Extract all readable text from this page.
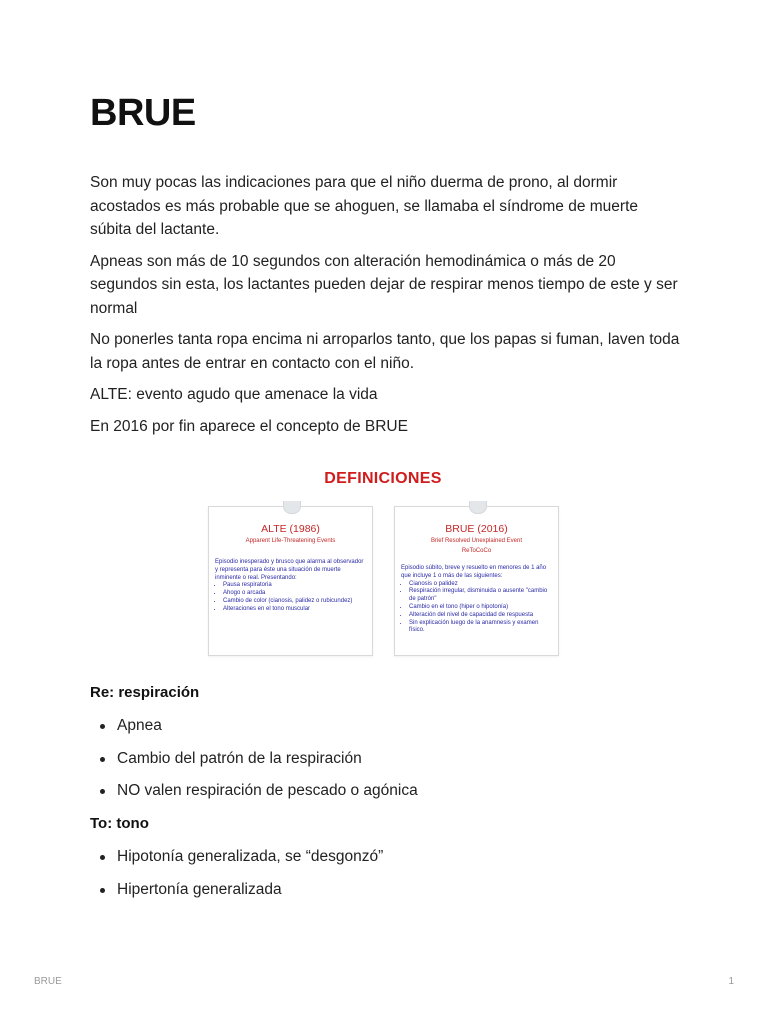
BRUE

Son muy pocas las indicaciones para que el niño duerma de prono, al dormir acostados es más probable que se ahoguen, se llamaba el síndrome de muerte súbita del lactante.

Apneas son más de 10 segundos con alteración hemodinámica o más de 20 segundos sin esta, los lactantes pueden dejar de respirar menos tiempo de este y ser normal

No ponerles tanta ropa encima ni arroparlos tanto, que los papas si fuman, laven toda la ropa antes de entrar en contacto con el niño.

ALTE: evento agudo que amenace la vida

En 2016 por fin aparece el concepto de BRUE

DEFINICIONES
ALTE (1986)
Apparent Life-Threatening Events
Episodio inesperado y brusco que alarma al observador y representa para éste una situación de muerte inminente o real. Presentando:
• Pausa respiratoria
• Ahogo o arcada
• Cambio de color (cianosis, palidez o rubicundez)
• Alteraciones en el tono muscular
BRUE (2016)
Brief Resolved Unexplained Event
ReToCoCo
Episodio súbito, breve y resuelto en menores de 1 año que incluye 1 o más de las siguientes:
• Cianosis o palidez
• Respiración irregular, disminuida o ausente "cambio de patrón"
• Cambio en el tono (hiper o hipotonía)
• Alteración del nivel de capacidad de respuesta
• Sin explicación luego de la anamnesis y examen físico.
Re: respiración
Apnea
Cambio del patrón de la respiración
NO valen respiración de pescado o agónica
To: tono
Hipotonía generalizada, se “desgonzó”
Hipertonía generalizada
BRUE	1
